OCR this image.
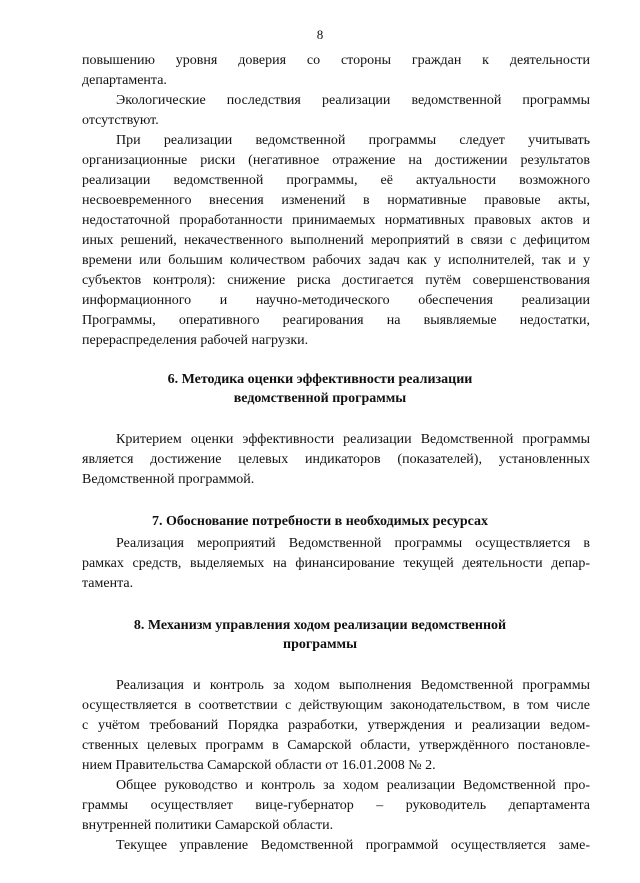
8
повышению уровня доверия со стороны граждан к деятельности
департамента.
Экологические последствия реализации ведомственной программы
отсутствуют.
При реализации ведомственной программы следует учитывать
организационные риски (негативное отражение на достижении результатов
реализации ведомственной программы, её актуальности возможного
несвоевременного внесения изменений в нормативные правовые акты,
недостаточной проработанности принимаемых нормативных правовых актов и
иных решений, некачественного выполнений мероприятий в связи с дефицитом
времени или большим количеством рабочих задач как у исполнителей, так и у
субъектов контроля): снижение риска достигается путём совершенствования
информационного и научно-методического обеспечения реализации
Программы, оперативного реагирования на выявляемые недостатки,
перераспределения рабочей нагрузки.
6. Методика оценки эффективности реализации
ведомственной программы
Критерием оценки эффективности реализации Ведомственной программы
является достижение целевых индикаторов (показателей), установленных
Ведомственной программой.
7. Обоснование потребности в необходимых ресурсах
Реализация мероприятий Ведомственной программы осуществляется в
рамках средств, выделяемых на финансирование текущей деятельности депар-
тамента.
8. Механизм управления ходом реализации ведомственной
программы
Реализация и контроль за ходом выполнения Ведомственной программы
осуществляется в соответствии с действующим законодательством, в том числе
с учётом требований Порядка разработки, утверждения и реализации ведом-
ственных целевых программ в Самарской области, утверждённого постановле-
нием Правительства Самарской области от 16.01.2008 № 2.
Общее руководство и контроль за ходом реализации Ведомственной про-
граммы осуществляет вице-губернатор – руководитель департамента
внутренней политики Самарской области.
Текущее управление Ведомственной программой осуществляется заме-
